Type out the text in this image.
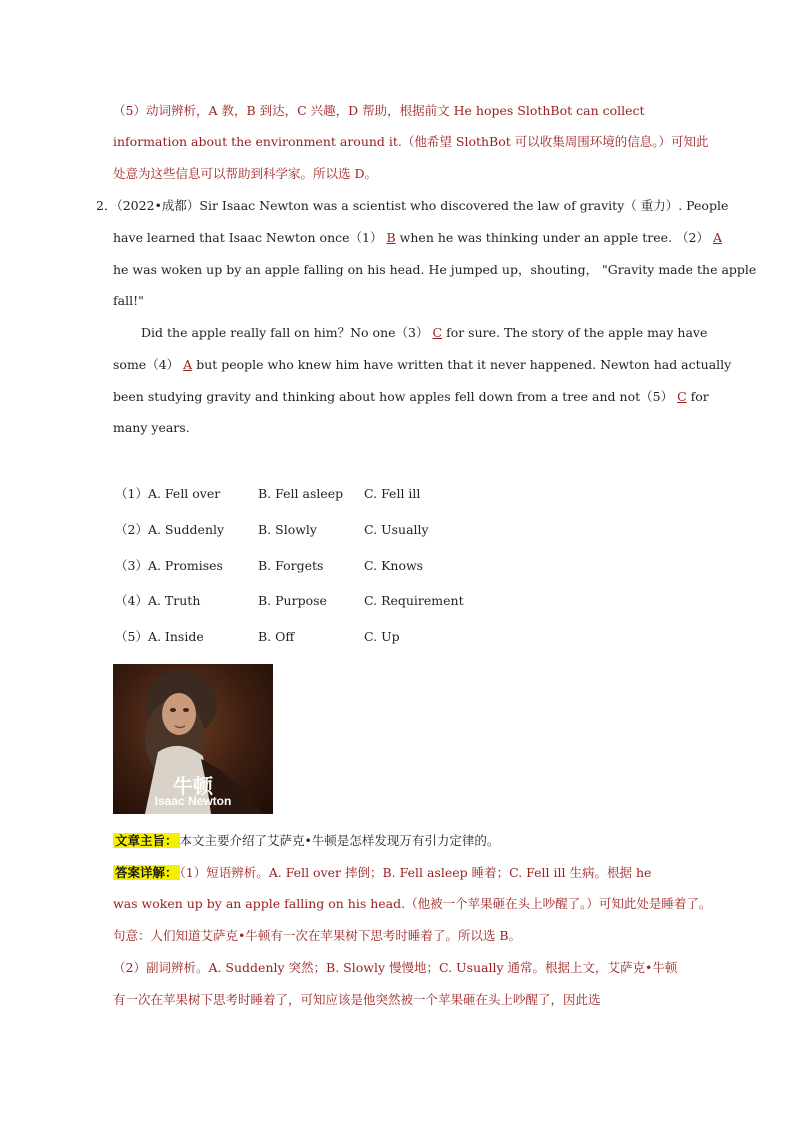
（5）动词辨析，A 教，B 到达，C 兴趣，D 帮助，根据前文 He hopes SlothBot can collect
information about the environment around it.（他希望 SlothBot 可以收集周围环境的信息。）可知此
处意为这些信息可以帮助到科学家。所以选 D。
2．（2022•成都）Sir Isaac Newton was a scientist who discovered the law of gravity（ 重力）. People
have learned that Isaac Newton once（1） B when he was thinking under an apple tree. （2） A
he was woken up by an apple falling on his head. He jumped up，shouting， "Gravity made the apple
fall!"
Did the apple really fall on him？No one（3） C for sure. The story of the apple may have
some（4） A but people who knew him have written that it never happened. Newton had actually
been studying gravity and thinking about how apples fell down from a tree and not（5） C for
many years.
（1）A. Fell over	B. Fell asleep C. Fell ill
（2）A. Suddenly	B. Slowly	C. Usually
（3）A. Promises	B. Forgets	C. Knows
（4）A. Truth	B. Purpose	C. Requirement
（5）A. Inside	B. Off	C. Up
牛顿
Isaac Newton
文章主旨： 本文主要介绍了艾萨克•牛顿是怎样发现万有引力定律的。
答案详解： （1）短语辨析。A. Fell over 摔倒；B. Fell asleep 睡着；C. Fell ill 生病。根据 he
was woken up by an apple falling on his head.（他被一个苹果砸在头上吵醒了。）可知此处是睡着了。
句意：人们知道艾萨克•牛顿有一次在苹果树下思考时睡着了。所以选 B。
（2）副词辨析。A. Suddenly 突然；B. Slowly 慢慢地；C. Usually 通常。根据上文，艾萨克•牛顿
有一次在苹果树下思考时睡着了，可知应该是他突然被一个苹果砸在头上吵醒了，因此选
